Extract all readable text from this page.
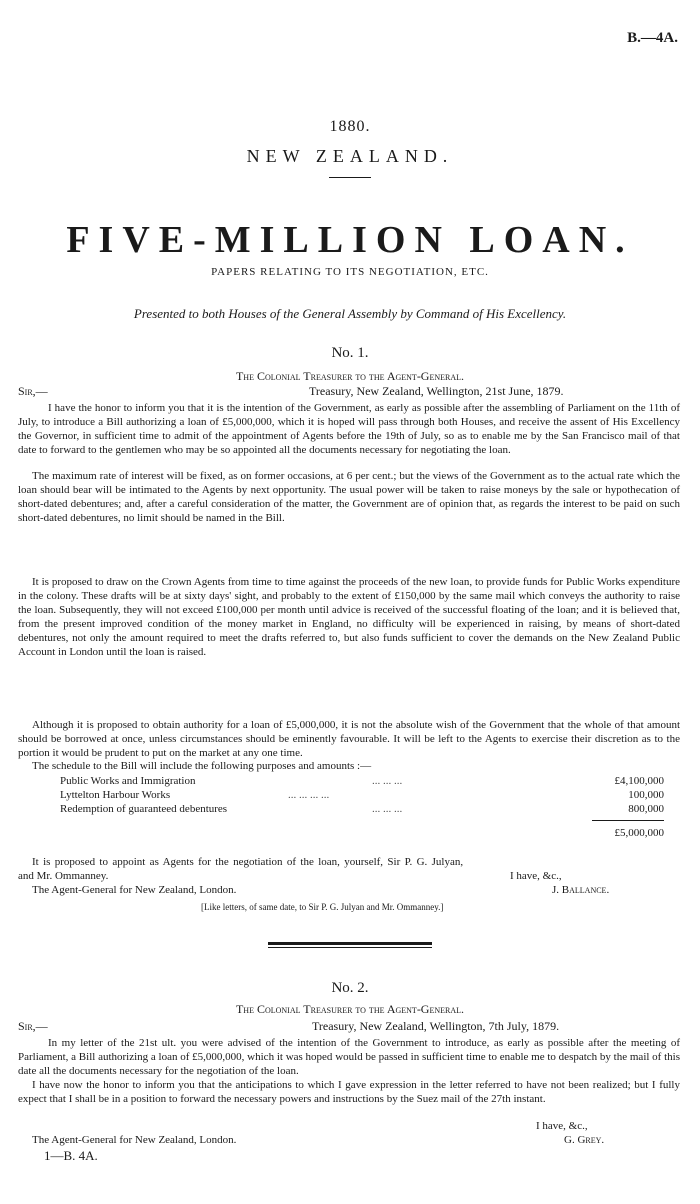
B.—4A.
1880.
NEW ZEALAND.
FIVE-MILLION LOAN.
PAPERS RELATING TO ITS NEGOTIATION, ETC.
Presented to both Houses of the General Assembly by Command of His Excellency.
No. 1.
The Colonial Treasurer to the Agent-General.
Sir,—	Treasury, New Zealand, Wellington, 21st June, 1879.
I have the honor to inform you that it is the intention of the Government, as early as possible after the assembling of Parliament on the 11th of July, to introduce a Bill authorizing a loan of £5,000,000, which it is hoped will pass through both Houses, and receive the assent of His Excellency the Governor, in sufficient time to admit of the appointment of Agents before the 19th of July, so as to enable me by the San Francisco mail of that date to forward to the gentlemen who may be so appointed all the documents necessary for negotiating the loan.
The maximum rate of interest will be fixed, as on former occasions, at 6 per cent.; but the views of the Government as to the actual rate which the loan should bear will be intimated to the Agents by next opportunity. The usual power will be taken to raise moneys by the sale or hypothecation of short-dated debentures; and, after a careful consideration of the matter, the Government are of opinion that, as regards the interest to be paid on such short-dated debentures, no limit should be named in the Bill.
It is proposed to draw on the Crown Agents from time to time against the proceeds of the new loan, to provide funds for Public Works expenditure in the colony. These drafts will be at sixty days' sight, and probably to the extent of £150,000 by the same mail which conveys the authority to raise the loan. Subsequently, they will not exceed £100,000 per month until advice is received of the successful floating of the loan; and it is believed that, from the present improved condition of the money market in England, no difficulty will be experienced in raising, by means of short-dated debentures, not only the amount required to meet the drafts referred to, but also funds sufficient to cover the demands on the New Zealand Public Account in London until the loan is raised.
Although it is proposed to obtain authority for a loan of £5,000,000, it is not the absolute wish of the Government that the whole of that amount should be borrowed at once, unless circumstances should be eminently favourable. It will be left to the Agents to exercise their discretion as to the portion it would be prudent to put on the market at any one time.
The schedule to the Bill will include the following purposes and amounts :—
Public Works and Immigration	... ... ...	£4,100,000
Lyttelton Harbour Works	... ... ... ...	100,000
Redemption of guaranteed debentures	... ... ...	800,000
£5,000,000
It is proposed to appoint as Agents for the negotiation of the loan, yourself, Sir P. G. Julyan,
and Mr. Ommanney.	I have, &c.,
The Agent-General for New Zealand, London.	J. Ballance.
[Like letters, of same date, to Sir P. G. Julyan and Mr. Ommanney.]
No. 2.
The Colonial Treasurer to the Agent-General.
Sir,—	Treasury, New Zealand, Wellington, 7th July, 1879.
In my letter of the 21st ult. you were advised of the intention of the Government to introduce, as early as possible after the meeting of Parliament, a Bill authorizing a loan of £5,000,000, which it was hoped would be passed in sufficient time to enable me to despatch by the mail of this date all the documents necessary for the negotiation of the loan.
I have now the honor to inform you that the anticipations to which I gave expression in the letter referred to have not been realized; but I fully expect that I shall be in a position to forward the necessary powers and instructions by the Suez mail of the 27th instant.
I have, &c.,
The Agent-General for New Zealand, London.	G. Grey.
1—B. 4A.
